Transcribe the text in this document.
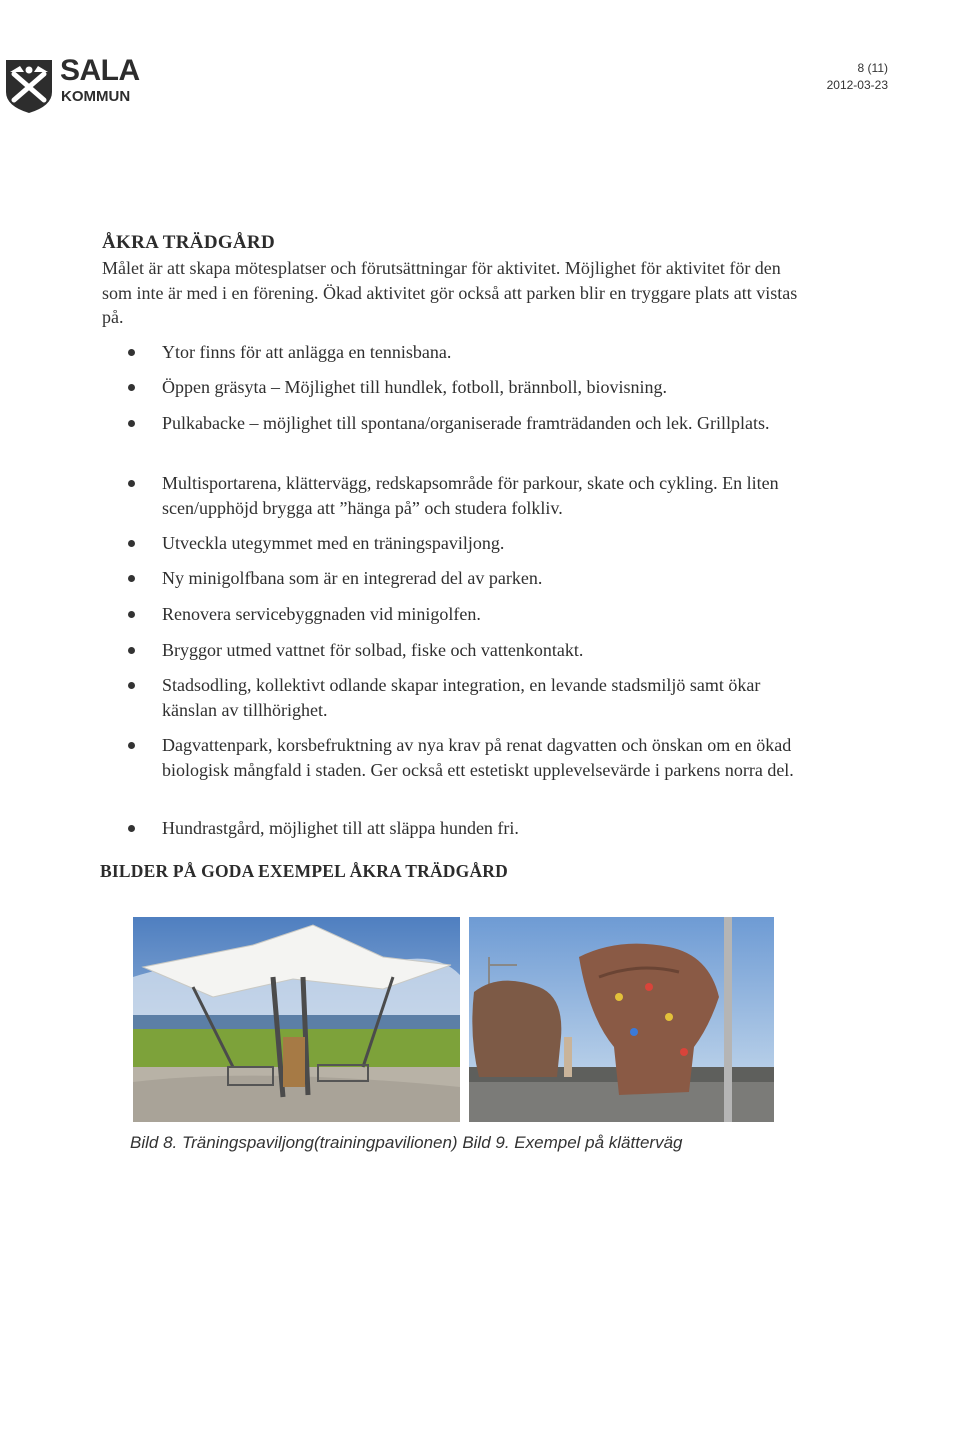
SALA
KOMMUN
8 (11)
2012-03-23
ÅKRA TRÄDGÅRD

Målet är att skapa mötesplatser och förutsättningar för aktivitet. Möjlighet för aktivitet för den som inte är med i en förening. Ökad aktivitet gör också att parken blir en tryggare plats att vistas på.

Ytor finns för att anlägga en tennisbana.
Öppen gräsyta – Möjlighet till hundlek, fotboll, brännboll, biovisning.
Pulkabacke – möjlighet till spontana/organiserade framträdanden och lek. Grillplats.
Multisportarena, klättervägg, redskapsområde för parkour, skate och cykling. En liten scen/upphöjd brygga att ”hänga på” och studera folkliv.
Utveckla utegymmet med en träningspaviljong.
Ny minigolfbana som är en integrerad del av parken.
Renovera servicebyggnaden vid minigolfen.
Bryggor utmed vattnet för solbad, fiske och vattenkontakt.
Stadsodling, kollektivt odlande skapar integration, en levande stadsmiljö samt ökar känslan av tillhörighet.
Dagvattenpark, korsbefruktning av nya krav på renat dagvatten och önskan om en ökad biologisk mångfald i staden. Ger också ett estetiskt upplevelsevärde i parkens norra del.
Hundrastgård, möjlighet till att släppa hunden fri.
BILDER PÅ GODA EXEMPEL ÅKRA TRÄDGÅRD
Bild 8. Träningspaviljong(trainingpavilionen) Bild 9. Exempel på klätterväg
